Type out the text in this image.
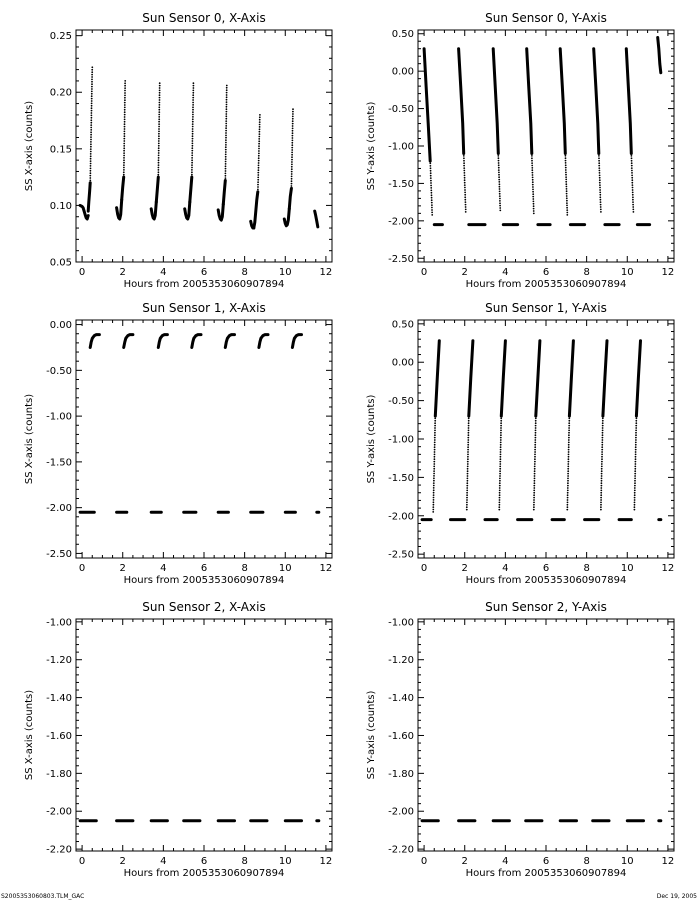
0	2	4	6	8	10	12
0.05
0.10
0.15
0.20
0.25
Sun Sensor 0, X-Axis
Hours from 2005353060907894
SS X-axis (counts)
0	2	4	6	8	10	12
-2.50
-2.00
-1.50
-1.00
-0.50
0.00
0.50
Sun Sensor 0, Y-Axis
Hours from 2005353060907894
SS Y-axis (counts)
0	2	4	6	8	10	12
-2.50
-2.00
-1.50
-1.00
-0.50
0.00
Sun Sensor 1, X-Axis
Hours from 2005353060907894
SS X-axis (counts)
0	2	4	6	8	10	12
-2.50
-2.00
-1.50
-1.00
-0.50
0.00
0.50
Sun Sensor 1, Y-Axis
Hours from 2005353060907894
SS Y-axis (counts)
0	2	4	6	8	10	12
-2.20
-2.00
-1.80
-1.60
-1.40
-1.20
-1.00
Sun Sensor 2, X-Axis
Hours from 2005353060907894
SS X-axis (counts)
0	2	4	6	8	10	12
-2.20
-2.00
-1.80
-1.60
-1.40
-1.20
-1.00
Sun Sensor 2, Y-Axis
Hours from 2005353060907894
SS Y-axis (counts)
S2005353060803.TLM_GAC	Dec 19, 2005
